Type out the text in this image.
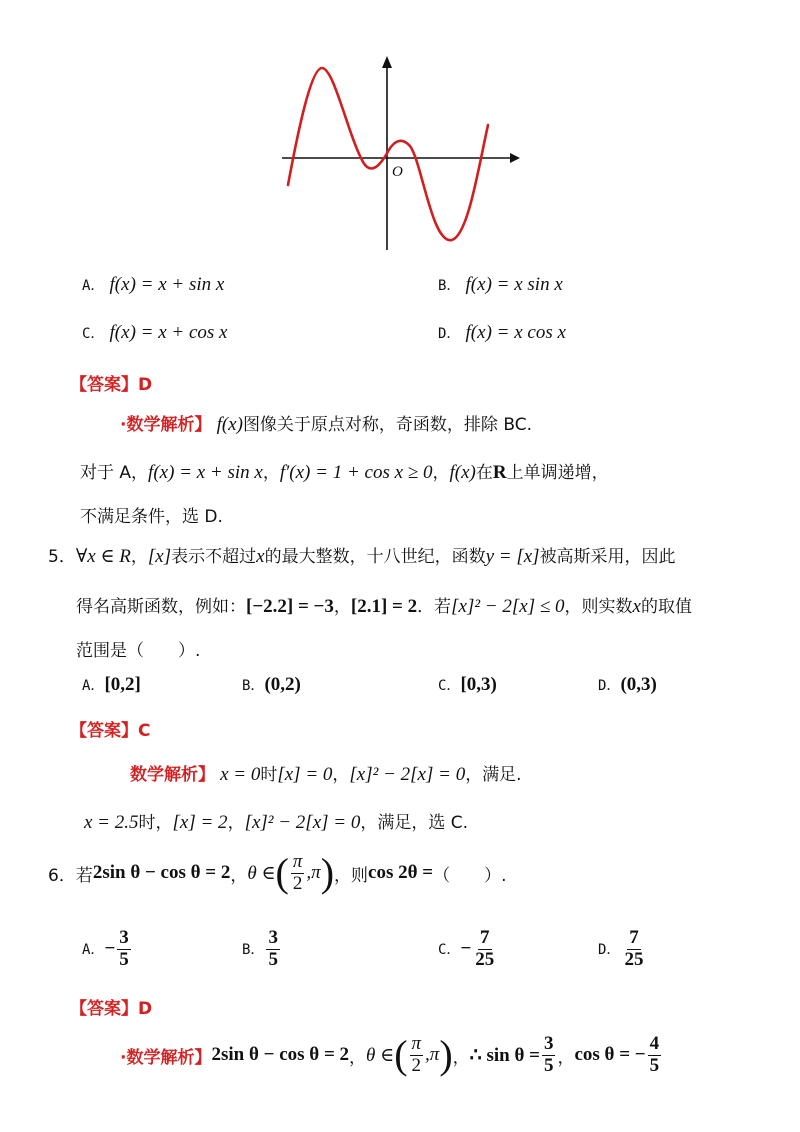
O
A． f(x) = x + sin x	B． f(x) = x sin x
C． f(x) = x + cos x	D． f(x) = x cos x
【答案】D
·数学解析】 f(x)图像关于原点对称，奇函数，排除 BC.
对于 A，f(x) = x + sin x，f′(x) = 1 + cos x ≥ 0，f(x)在R上单调递增，
不满足条件，选 D.
5．∀x ∈ R，[x]表示不超过x的最大整数，十八世纪，函数y = [x]被高斯采用，因此
得名高斯函数，例如：[−2.2] = −3，[2.1] = 2．若[x]² − 2[x] ≤ 0，则实数x的取值
范围是（　　）.
A．[0,2]	B．(0,2)	C．[0,3)	D．(0,3)
【答案】C
数学解析】 x = 0时[x] = 0，[x]² − 2[x] = 0，满足.
x = 2.5时，[x] = 2，[x]² − 2[x] = 0，满足，选 C.
6． 若 2sin θ − cos θ = 2 ， θ ∈ ( $\frac{\pi}{2} ,\pi$ ) ，则 cos 2θ = （　　）.
A． − $\frac{3}{5}$	B． $\frac{3}{5}$	C． − $\frac{7}{25}$	D． $\frac{7}{25}$
【答案】D
·数学解析】 2sin θ − cos θ = 2 ， θ ∈ ( $\frac{\pi}{2} ,\pi$ ) ， ∴ $\sin \theta = \frac{3}{5}$ ， cos θ = − $\frac{4}{5}$
